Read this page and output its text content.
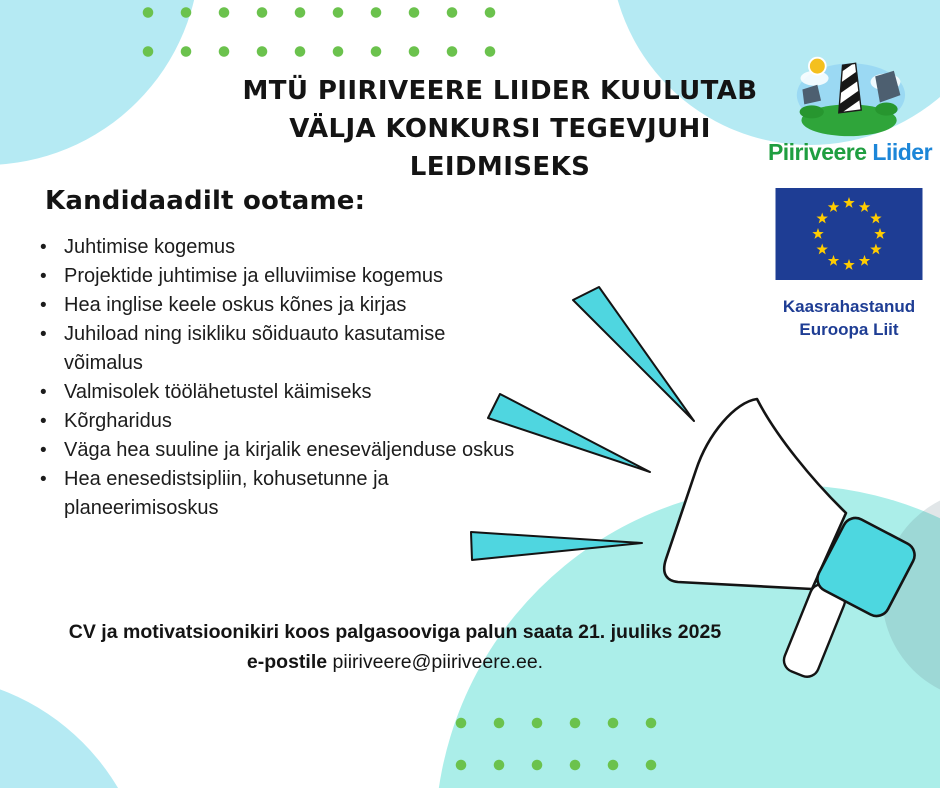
MTÜ PIIRIVEERE LIIDER KUULUTAB
VÄLJA KONKURSI TEGEVJUHI
LEIDMISEKS	Piiriveere Liider
Kaasrahastanud
Euroopa Liit
Kandidaadilt ootame:
• Juhtimise kogemus
• Projektide juhtimise ja elluviimise kogemus
• Hea inglise keele oskus kõnes ja kirjas
• Juhiload ning isikliku sõiduauto kasutamise võimalus
• Valmisolek töölähetustel käimiseks
• Kõrgharidus
• Väga hea suuline ja kirjalik eneseväljenduse oskus
• Hea enesedistsipliin, kohusetunne ja planeerimisoskus
CV ja motivatsioonikiri koos palgasooviga palun saata 21. juuliks 2025
e-postile piiriveere@piiriveere.ee.
